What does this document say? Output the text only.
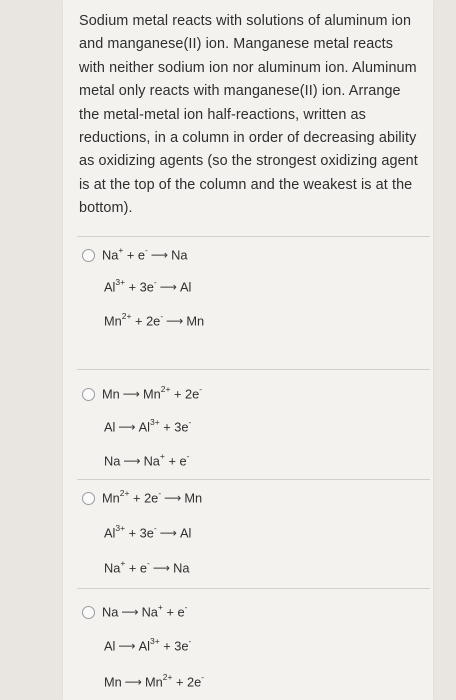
Sodium metal reacts with solutions of aluminum ion and manganese(II) ion. Manganese metal reacts with neither sodium ion nor aluminum ion. Aluminum metal only reacts with manganese(II) ion. Arrange the metal-metal ion half-reactions, written as reductions, in a column in order of decreasing ability as oxidizing agents (so the strongest oxidizing agent is at the top of the column and the weakest is at the bottom).

Na+ + e- ⟶ Na
$Al^{3+} + 3e^-$ ⟶ Al
$Mn^{2+} + 2e^-$ ⟶ Mn
Mn ⟶ $Mn^{2+} + 2e^-$
Al ⟶ $Al^{3+} + 3e^-$
Na ⟶ Na+ + e-
$Mn^{2+} + 2e^-$ ⟶ Mn
$Al^{3+} + 3e^-$ ⟶ Al
Na+ + e- ⟶ Na
Na ⟶ Na+ + e-
Al ⟶ $Al^{3+} + 3e^-$
Mn ⟶ $Mn^{2+} + 2e^-$
